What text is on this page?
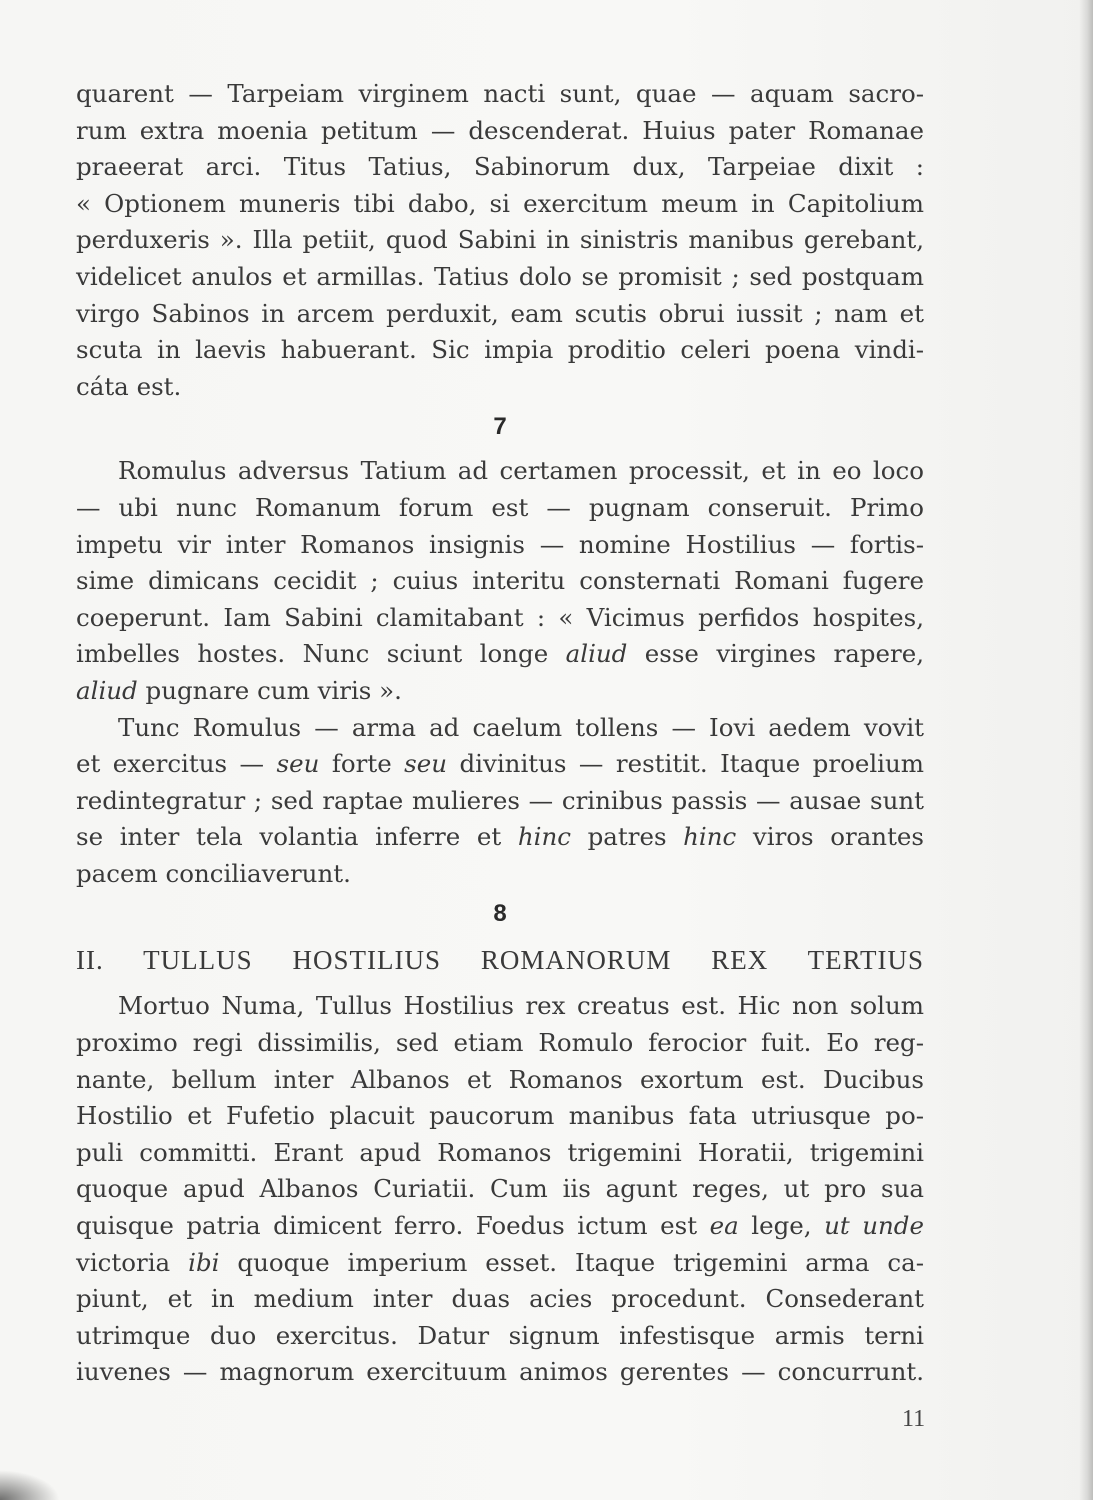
quarent — Tarpeiam virginem nacti sunt, quae — aquam sacro-
rum extra moenia petitum — descenderat. Huius pater Romanae
praeerat arci. Titus Tatius, Sabinorum dux, Tarpeiae dixit :
« Optionem muneris tibi dabo, si exercitum meum in Capitolium
perduxeris ». Illa petiit, quod Sabini in sinistris manibus gerebant,
videlicet anulos et armillas. Tatius dolo se promisit ; sed postquam
virgo Sabinos in arcem perduxit, eam scutis obrui iussit ; nam et
scuta in laevis habuerant. Sic impia proditio celeri poena vindi-
cáta est.
7
Romulus adversus Tatium ad certamen processit, et in eo loco
— ubi nunc Romanum forum est — pugnam conseruit. Primo
impetu vir inter Romanos insignis — nomine Hostilius — fortis-
sime dimicans cecidit ; cuius interitu consternati Romani fugere
coeperunt. Iam Sabini clamitabant : « Vicimus perfidos hospites,
imbelles hostes. Nunc sciunt longe aliud esse virgines rapere,
aliud pugnare cum viris ».
Tunc Romulus — arma ad caelum tollens — Iovi aedem vovit
et exercitus — seu forte seu divinitus — restitit. Itaque proelium
redintegratur ; sed raptae mulieres — crinibus passis — ausae sunt
se inter tela volantia inferre et hinc patres hinc viros orantes
pacem conciliaverunt.
8
II. TULLUS HOSTILIUS ROMANORUM REX TERTIUS
Mortuo Numa, Tullus Hostilius rex creatus est. Hic non solum
proximo regi dissimilis, sed etiam Romulo ferocior fuit. Eo reg-
nante, bellum inter Albanos et Romanos exortum est. Ducibus
Hostilio et Fufetio placuit paucorum manibus fata utriusque po-
puli committi. Erant apud Romanos trigemini Horatii, trigemini
quoque apud Albanos Curiatii. Cum iis agunt reges, ut pro sua
quisque patria dimicent ferro. Foedus ictum est ea lege, ut unde
victoria ibi quoque imperium esset. Itaque trigemini arma ca-
piunt, et in medium inter duas acies procedunt. Consederant
utrimque duo exercitus. Datur signum infestisque armis terni
iuvenes — magnorum exercituum animos gerentes — concurrunt.
11
